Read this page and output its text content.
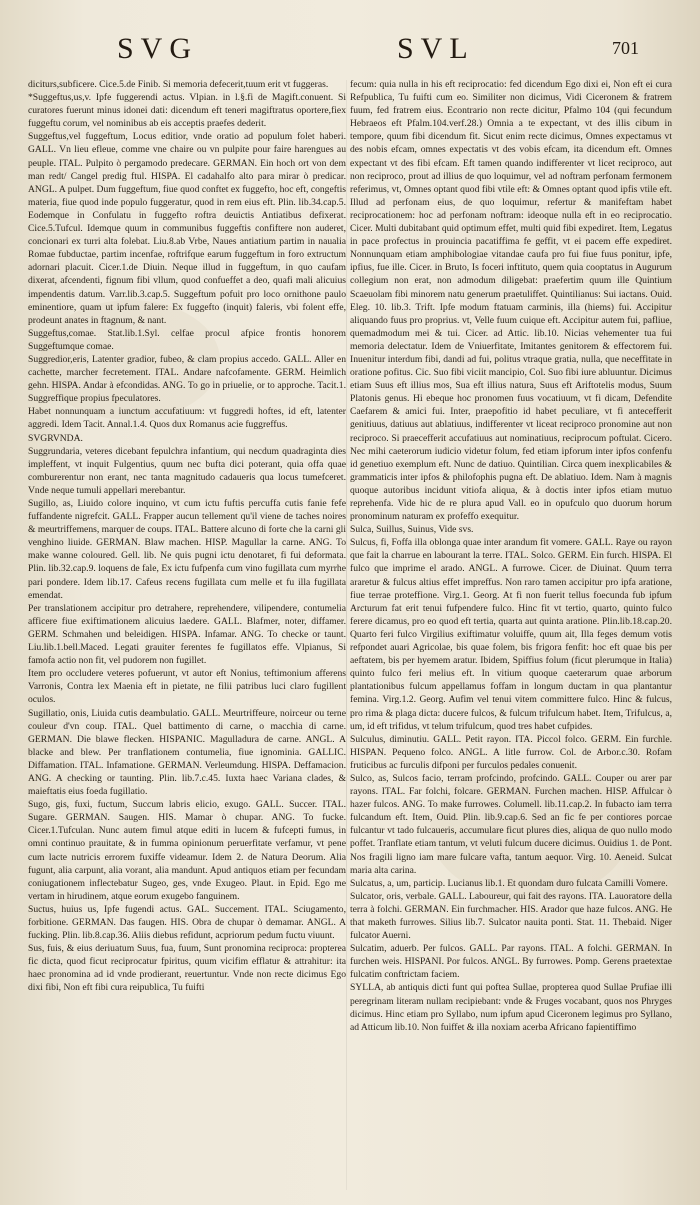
SVG	SVL	701

diciturs,subficere. Cice.5.de Finib. Si memoria defecerit,tuum erit vt fuggeras.

*Suggeftus,us,v. Ipfe fuggerendi actus. Vlpian. in l.§.fi de Magift.conuent. Si curatores fuerunt minus idonei dati: dicendum eft teneri magiftratus oportere,fiex fuggeftu corum, vel nominibus ab eis acceptis praefes dederit.

Suggeftus,vel fuggeftum, Locus editior, vnde oratio ad populum folet haberi. GALL. Vn lieu efleue, comme vne chaire ou vn pulpite pour faire harengues au peuple. ITAL. Pulpito ò pergamodo predecare. GERMAN. Ein hoch ort von dem man redt/ Cangel predig ftul. HISPA. El cadahalfo alto para mirar ò predicar. ANGL. A pulpet. Dum fuggeftum, fiue quod conftet ex fuggefto, hoc eft, congeftis materia, fiue quod inde populo fuggeratur, quod in rem eius eft. Plin. lib.34.cap.5. Eodemque in Confulatu in fuggefto roftra deuictis Antiatibus defixerat. Cice.5.Tufcul. Idemque quum in communibus fuggeftis confiftere non auderet, concionari ex turri alta folebat. Liu.8.ab Vrbe, Naues antiatium partim in naualia Romae fubductae, partim incenfae, roftrifque earum fuggeftum in foro extructum adornari placuit. Cicer.1.de Diuin. Neque illud in fuggeftum, in quo caufam dixerat, afcendenti, fignum fibi vllum, quod confueffet a deo, quafi mali alicuius impendentis datum. Varr.lib.3.cap.5. Suggeftum pofuit pro loco ornithone paulo eminentiore, quam ut ipfum falere: Ex fuggefto (inquit) faleris, vbi folent effe, prodeunt anates in ftagnum, & nant.

Suggeftus,comae. Stat.lib.1.Syl. celfae procul afpice frontis honorem Suggeftumque comae.

Suggredior,eris, Latenter gradior, fubeo, & clam propius accedo. GALL. Aller en cachette, marcher fecretement. ITAL. Andare nafcofamente. GERM. Heimlich gehn. HISPA. Andar à efcondidas. ANG. To go in priuelie, or to approche. Tacit.1. Suggreffique propius fpeculatores.

Habet nonnunquam a iunctum accufatiuum: vt fuggredi hoftes, id eft, latenter aggredi. Idem Tacit. Annal.1.4. Quos dux Romanus acie fuggreffus.

SVGRVNDA.

Suggrundaria, veteres dicebant fepulchra infantium, qui necdum quadraginta dies impleffent, vt inquit Fulgentius, quum nec bufta dici poterant, quia offa quae comburerentur non erant, nec tanta magnitudo cadaueris qua locus tumefceret. Vnde neque tumuli appellari merebantur.

Sugillo, as, Liuido colore inquino, vt cum ictu fuftis percuffa cutis fanie fefe fuffandente nigrefcit. GALL. Frapper aucun tellement qu'il viene de taches noires & meurtriffemens, marquer de coups. ITAL. Battere alcuno di forte che la carni gli venghino liuide. GERMAN. Blaw machen. HISP. Magullar la carne. ANG. To make wanne coloured. Gell. lib. Ne quis pugni ictu denotaret, fi fui deformata. Plin. lib.32.cap.9. loquens de fale, Ex ictu fufpenfa cum vino fugillata cum myrrhe pari pondere. Idem lib.17. Cafeus recens fugillata cum melle et fu illa fugillata emendat.

Per translationem accipitur pro detrahere, reprehendere, vilipendere, contumelia afficere fiue exiftimationem alicuius laedere. GALL. Blafmer, noter, diffamer. GERM. Schmahen und beleidigen. HISPA. Infamar. ANG. To checke or taunt. Liu.lib.1.bell.Maced. Legati grauiter ferentes fe fugillatos effe. Vlpianus, Si famofa actio non fit, vel pudorem non fugillet.

Item pro occludere veteres pofuerunt, vt autor eft Nonius, teftimonium afferens Varronis, Contra lex Maenia eft in pietate, ne filii patribus luci claro fugillent oculos.

Sugillatio, onis, Liuida cutis deambulatio. GALL. Meurtriffeure, noirceur ou terne couleur d'vn coup. ITAL. Quel battimento di carne, o macchia di carne. GERMAN. Die blawe flecken. HISPANIC. Magulladura de carne. ANGL. A blacke and blew. Per tranflationem contumelia, fiue ignominia. GALLIC. Diffamation. ITAL. Infamatione. GERMAN. Verleumdung. HISPA. Deffamacion. ANG. A checking or taunting. Plin. lib.7.c.45. Iuxta haec Variana clades, & maieftatis eius foeda fugillatio.

Sugo, gis, fuxi, fuctum, Succum labris elicio, exugo. GALL. Succer. ITAL. Sugare. GERMAN. Saugen. HIS. Mamar ò chupar. ANG. To fucke. Cicer.1.Tufculan. Nunc autem fimul atque editi in lucem & fufcepti fumus, in omni continuo prauitate, & in fumma opinionum peruerfitate verfamur, vt pene cum lacte nutricis errorem fuxiffe videamur. Idem 2. de Natura Deorum. Alia fugunt, alia carpunt, alia vorant, alia mandunt. Apud antiquos etiam per fecundam coniugationem inflectebatur Sugeo, ges, vnde Exugeo. Plaut. in Epid. Ego me vertam in hirudinem, atque eorum exugebo fanguinem.

Suctus, huius us, Ipfe fugendi actus. GAL. Succement. ITAL. Sciugamento, forbitione. GERMAN. Das faugen. HIS. Obra de chupar ò demamar. ANGL. A fucking. Plin. lib.8.cap.36. Aliis diebus refidunt, acpriorum pedum fuctu viuunt.

Sus, fuis, & eius deriuatum Suus, fua, fuum, Sunt pronomina reciproca: propterea fic dicta, quod ficut reciprocatur fpiritus, quum vicifim efflatur & attrahitur: ita haec pronomina ad id vnde prodierant, reuertuntur. Vnde non recte dicimus Ego dixi fibi, Non eft fibi cura reipublica, Tu fuifti

fecum: quia nulla in his eft reciprocatio: fed dicendum Ego dixi ei, Non eft ei cura Refpublica, Tu fuifti cum eo. Similiter non dicimus, Vidi Ciceronem & fratrem fuum, fed fratrem eius. Econtrario non recte dicitur, Pfalmo 104 (qui fecundum Hebraeos eft Pfalm.104.verf.28.) Omnia a te expectant, vt des illis cibum in tempore, quum fibi dicendum fit. Sicut enim recte dicimus, Omnes expectamus vt des nobis efcam, omnes expectatis vt des vobis efcam, ita dicendum eft. Omnes expectant vt des fibi efcam. Eft tamen quando indifferenter vt licet reciproco, aut non reciproco, prout ad illius de quo loquimur, vel ad noftram perfonam fermonem referimus, vt, Omnes optant quod fibi vtile eft: & Omnes optant quod ipfis vtile eft. Illud ad perfonam eius, de quo loquimur, refertur & manifeftam habet reciprocationem: hoc ad perfonam noftram: ideoque nulla eft in eo reciprocatio. Cicer. Multi dubitabant quid optimum effet, multi quid fibi expediret. Item, Legatus in pace profectus in prouincia pacatiffima fe geffit, vt ei pacem effe expediret. Nonnunquam etiam amphibologiae vitandae caufa pro fui fiue fuus ponitur, ipfe, ipfius, fue ille. Cicer. in Bruto, Is foceri inftituto, quem quia cooptatus in Augurum collegium non erat, non admodum diligebat: praefertim quum ille Quintium Scaeuolam fibi minorem natu generum praetuliffet. Quintilianus: Sui iactans. Ouid. Eleg. 10. lib.3. Trift. Ipfe modum ftatuam carminis, illa (hiems) fui. Accipitur aliquando fuus pro proprius. vt, Velle fuum cuique eft. Accipitur autem fui, pafliue, quemadmodum mei & tui. Cicer. ad Attic. lib.10. Nicias vehementer tua fui memoria delectatur. Idem de Vniuerfitate, Imitantes genitorem & effectorem fui. Inuenitur interdum fibi, dandi ad fui, politus vtraque gratia, nulla, que neceffitate in oratione pofitus. Cic. Suo fibi viciit mancipio, Col. Suo fibi iure abluuntur. Dicimus etiam Suus eft illius mos, Sua eft illius natura, Suus eft Ariftotelis modus, Suum Platonis genus. Hi ebeque hoc pronomen fuus vocatiuum, vt fi dicam, Defendite Caefarem & amici fui. Inter, praepofitio id habet peculiare, vt fi antecefferit genitiuus, datiuus aut ablatiuus, indifferenter vt liceat reciproco pronomine aut non reciproco. Si praecefferit accufatiuus aut nominatiuus, reciprocum poftulat. Cicero. Nec mihi caeterorum iudicio videtur folum, fed etiam ipforum inter ipfos confenfu id genetiuo exemplum eft. Nunc de datiuo. Quintilian. Circa quem inexplicabiles & grammaticis inter ipfos & philofophis pugna eft. De ablatiuo. Idem. Nam à magnis quoque autoribus incidunt vitiofa aliqua, & à doctis inter ipfos etiam mutuo reprehenfa. Vide hic de re plura apud Vall. eo in opufculo quo duorum horum pronominum naturam ex profeffo exequitur.

Sulca, Suillus, Suinus, Vide svs.

Sulcus, fi, Foffa illa oblonga quae inter arandum fit vomere. GALL. Raye ou rayon que fait la charrue en labourant la terre. ITAL. Solco. GERM. Ein furch. HISPA. El fulco que imprime el arado. ANGL. A furrowe. Cicer. de Diuinat. Quum terra araretur & fulcus altius effet impreffus. Non raro tamen accipitur pro ipfa aratione, fiue terrae proteffione. Virg.1. Georg. At fi non fuerit tellus foecunda fub ipfum Arcturum fat erit tenui fufpendere fulco. Hinc fit vt tertio, quarto, quinto fulco ferere dicamus, pro eo quod eft tertia, quarta aut quinta aratione. Plin.lib.18.cap.20. Quarto feri fulco Virgilius exiftimatur voluiffe, quum ait, Illa feges demum votis refpondet auari Agricolae, bis quae folem, bis frigora fenfit: hoc eft quae bis per aeftatem, bis per hyemem aratur. Ibidem, Spiffius folum (ficut plerumque in Italia) quinto fulco feri melius eft. In vitium quoque caeterarum quae arborum plantationibus fulcum appellamus foffam in longum ductam in qua plantantur femina. Virg.1.2. Georg. Aufim vel tenui vitem committere fulco. Hinc & fulcus, pro rima & plaga dicta: ducere fulcos, & fulcum trifulcum habet. Item, Trifulcus, a, um, id eft trifidus, vt telum trifulcum, quod tres habet cufpides.

Sulculus, diminutiu. GALL. Petit rayon. ITA. Piccol folco. GERM. Ein furchle. HISPAN. Pequeno folco. ANGL. A litle furrow. Col. de Arbor.c.30. Rofam fruticibus ac furculis difponi per furculos pedales conuenit.

Sulco, as, Sulcos facio, terram profcindo, profcindo. GALL. Couper ou arer par rayons. ITAL. Far folchi, folcare. GERMAN. Furchen machen. HISP. Affulcar ò hazer fulcos. ANG. To make furrowes. Columell. lib.11.cap.2. In fubacto iam terra fulcandum eft. Item, Ouid. Plin. lib.9.cap.6. Sed an fic fe per contiores porcae fulcantur vt tado fulcaueris, accumulare ficut plures dies, aliqua de quo nullo modo poffet. Tranflate etiam tantum, vt veluti fulcum ducere dicimus. Ouidius 1. de Pont. Nos fragili ligno iam mare fulcare vafta, tantum aequor. Virg. 10. Aeneid. Sulcat maria alta carina.

Sulcatus, a, um, particip. Lucianus lib.1. Et quondam duro fulcata Camilli Vomere.

Sulcator, oris, verbale. GALL. Laboureur, qui fait des rayons. ITA. Lauoratore della terra à folchi. GERMAN. Ein furchmacher. HIS. Arador que haze fulcos. ANG. He that maketh furrowes. Silius lib.7. Sulcator nauita ponti. Stat. 11. Thebaid. Niger fulcator Auerni.

Sulcatim, aduerb. Per fulcos. GALL. Par rayons. ITAL. A folchi. GERMAN. In furchen weis. HISPANI. Por fulcos. ANGL. By furrowes. Pomp. Gerens praetextae fulcatim conftrictam faciem.

SYLLA, ab antiquis dicti funt qui poftea Sullae, propterea quod Sullae Prufiae illi peregrinam literam nullam recipiebant: vnde & Fruges vocabant, quos nos Phryges dicimus. Hinc etiam pro Syllabo, num ipfum apud Ciceronem legimus pro Syllano, ad Atticum lib.10. Non fuiffet & illa noxiam acerba Africano fapientiffimo
